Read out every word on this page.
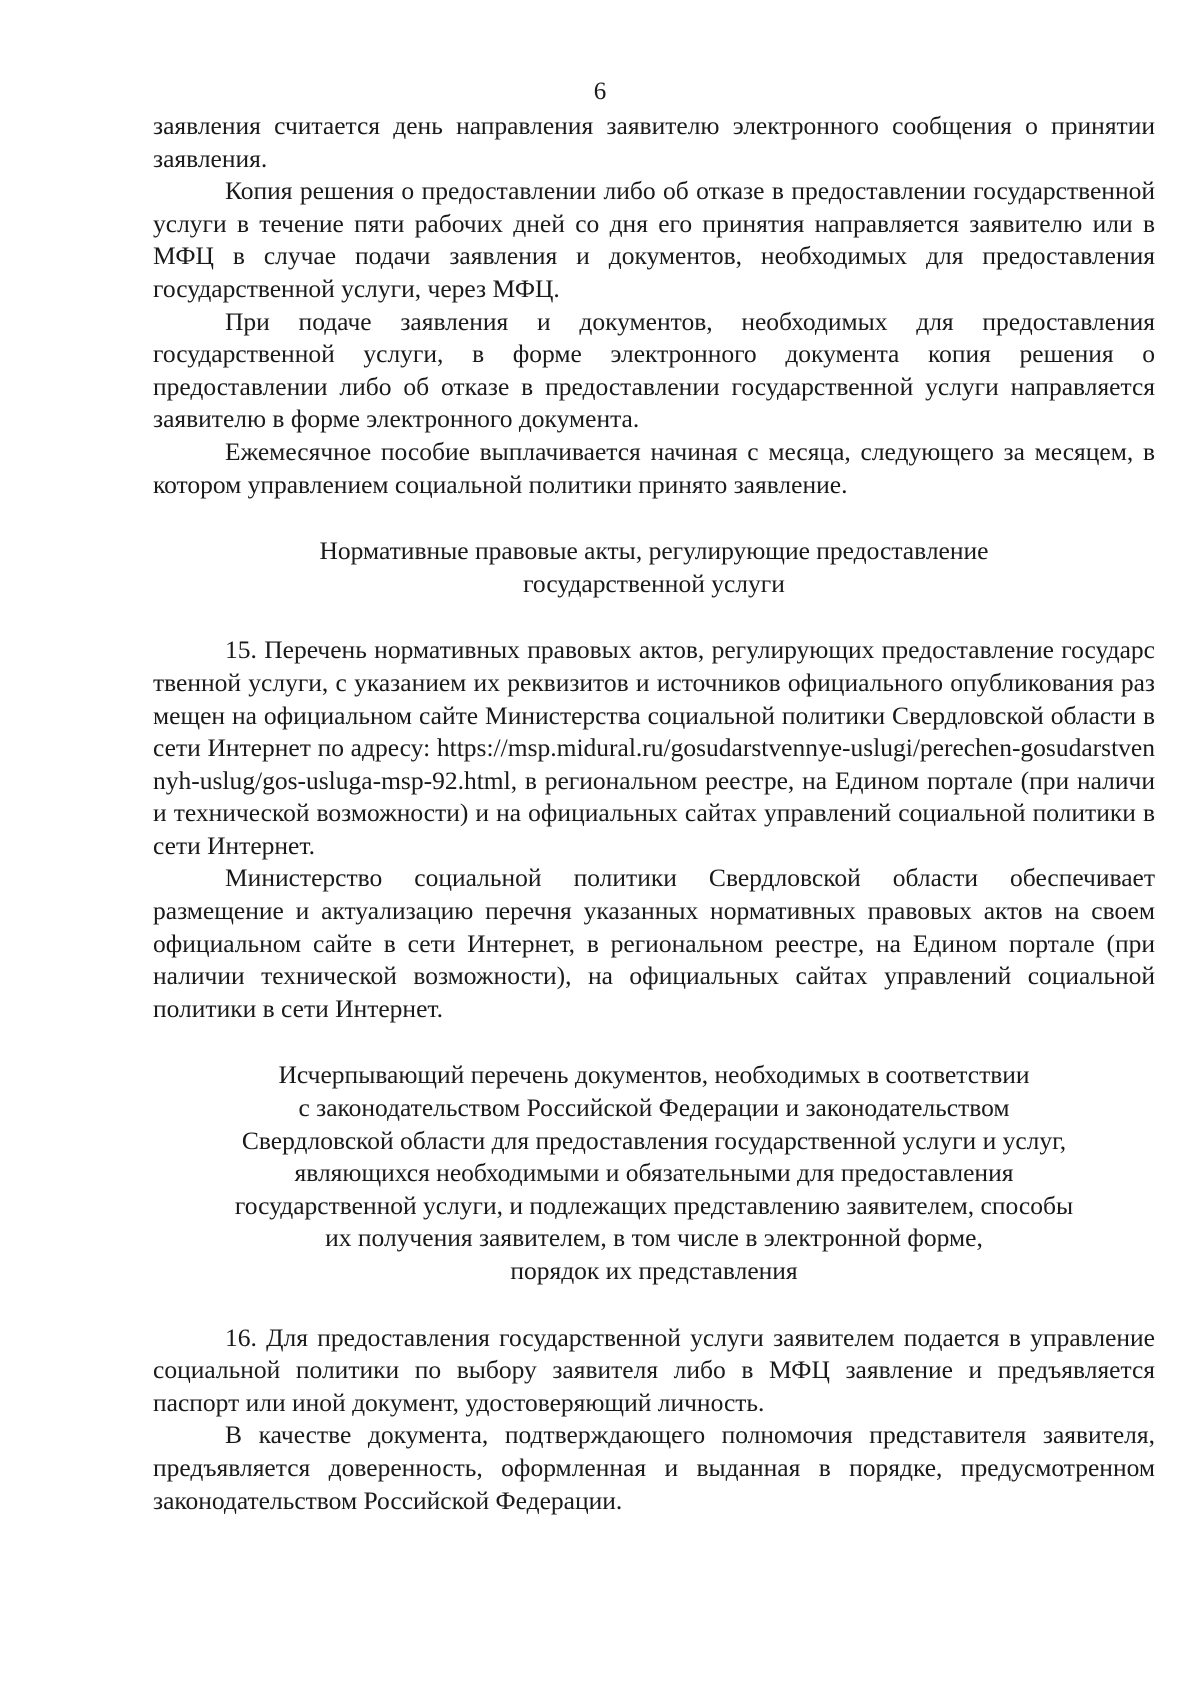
6

заявления считается день направления заявителю электронного сообщения о принятии заявления.

Копия решения о предоставлении либо об отказе в предоставлении государственной услуги в течение пяти рабочих дней со дня его принятия направляется заявителю или в МФЦ в случае подачи заявления и документов, необходимых для предоставления государственной услуги, через МФЦ.

При подаче заявления и документов, необходимых для предоставления государственной услуги, в форме электронного документа копия решения о предоставлении либо об отказе в предоставлении государственной услуги направляется заявителю в форме электронного документа.

Ежемесячное пособие выплачивается начиная с месяца, следующего за месяцем, в котором управлением социальной политики принято заявление.

Нормативные правовые акты, регулирующие предоставление
государственной услуги

15. Перечень нормативных правовых актов, регулирующих предоставление государственной услуги, с указанием их реквизитов и источников официального опубликования размещен на официальном сайте Министерства социальной политики Свердловской области в сети Интернет по адресу: https://msp.midural.ru/gosudarstvennye-uslugi/perechen-gosudarstvennyh-uslug/gos-usluga-msp-92.html, в региональном реестре, на Едином портале (при наличии технической возможности) и на официальных сайтах управлений социальной политики в сети Интернет.

Министерство социальной политики Свердловской области обеспечивает размещение и актуализацию перечня указанных нормативных правовых актов на своем официальном сайте в сети Интернет, в региональном реестре, на Едином портале (при наличии технической возможности), на официальных сайтах управлений социальной политики в сети Интернет.

Исчерпывающий перечень документов, необходимых в соответствии
с законодательством Российской Федерации и законодательством
Свердловской области для предоставления государственной услуги и услуг,
являющихся необходимыми и обязательными для предоставления
государственной услуги, и подлежащих представлению заявителем, способы
их получения заявителем, в том числе в электронной форме,
порядок их представления

16. Для предоставления государственной услуги заявителем подается в управление социальной политики по выбору заявителя либо в МФЦ заявление и предъявляется паспорт или иной документ, удостоверяющий личность.

В качестве документа, подтверждающего полномочия представителя заявителя, предъявляется доверенность, оформленная и выданная в порядке, предусмотренном законодательством Российской Федерации.
